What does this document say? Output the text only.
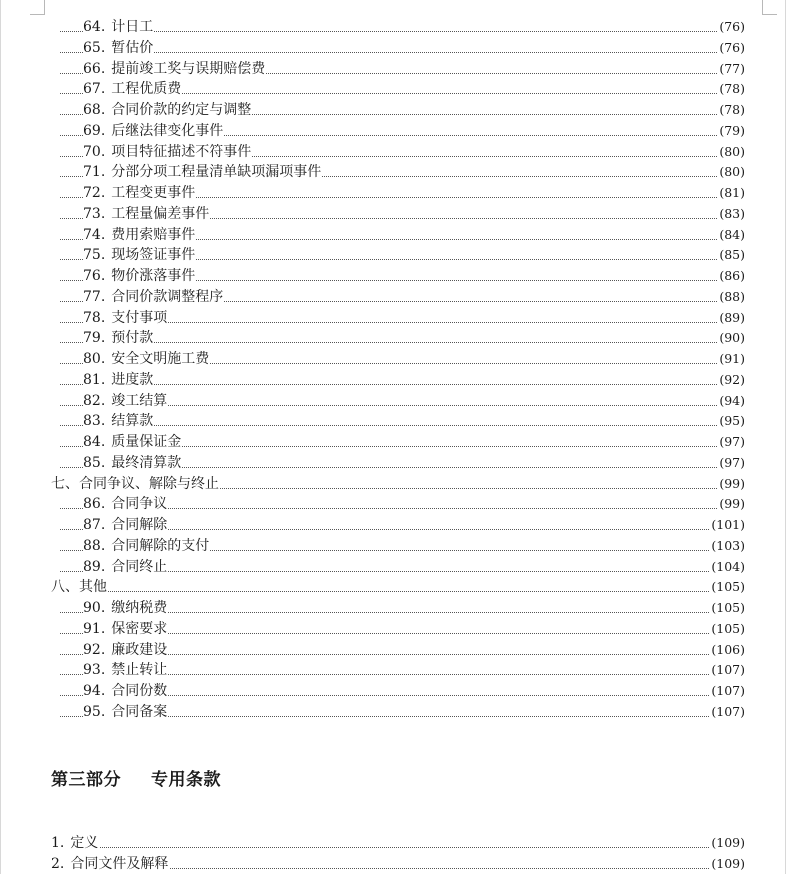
64. 计日工	(76)
65. 暂估价	(76)
66. 提前竣工奖与误期赔偿费	(77)
67. 工程优质费	(78)
68. 合同价款的约定与调整	(78)
69. 后继法律变化事件	(79)
70. 项目特征描述不符事件	(80)
71. 分部分项工程量清单缺项漏项事件	(80)
72. 工程变更事件	(81)
73. 工程量偏差事件	(83)
74. 费用索赔事件	(84)
75. 现场签证事件	(85)
76. 物价涨落事件	(86)
77. 合同价款调整程序	(88)
78. 支付事项	(89)
79. 预付款	(90)
80. 安全文明施工费	(91)
81. 进度款	(92)
82. 竣工结算	(94)
83. 结算款	(95)
84. 质量保证金	(97)
85. 最终清算款	(97)
七、合同争议、解除与终止	(99)
86. 合同争议	(99)
87. 合同解除	(101)
88. 合同解除的支付	(103)
89. 合同终止	(104)
八、其他	(105)
90. 缴纳税费	(105)
91. 保密要求	(105)
92. 廉政建设	(106)
93. 禁止转让	(107)
94. 合同份数	(107)
95. 合同备案	(107)
第三部分 专用条款
1. 定义	(109)
2. 合同文件及解释	(109)
